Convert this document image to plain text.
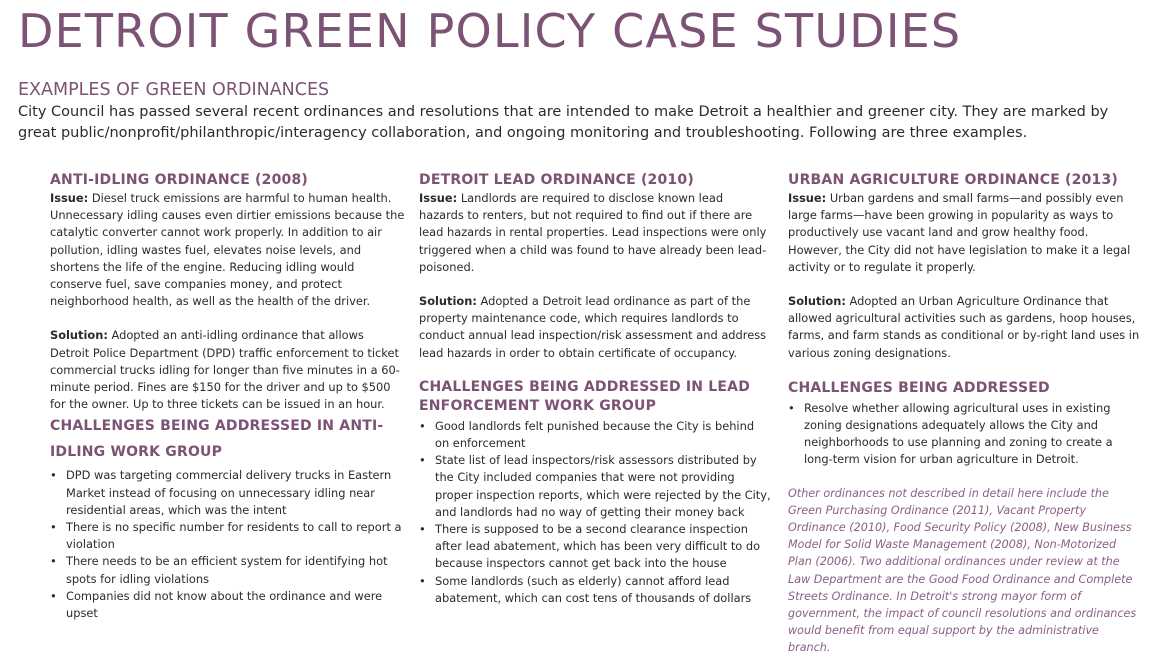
DETROIT GREEN POLICY CASE STUDIES
EXAMPLES OF GREEN ORDINANCES

City Council has passed several recent ordinances and resolutions that are intended to make Detroit a healthier and greener city. They are marked by great public/nonprofit/philanthropic/interagency collaboration, and ongoing monitoring and troubleshooting. Following are three examples.

ANTI-IDLING ORDINANCE (2008)

Issue: Diesel truck emissions are harmful to human health. Unnecessary idling causes even dirtier emissions because the catalytic converter cannot work properly. In addition to air pollution, idling wastes fuel, elevates noise levels, and shortens the life of the engine. Reducing idling would conserve fuel, save companies money, and protect neighborhood health, as well as the health of the driver.

Solution: Adopted an anti-idling ordinance that allows Detroit Police Department (DPD) traffic enforcement to ticket commercial trucks idling for longer than five minutes in a 60-minute period. Fines are $150 for the driver and up to $500 for the owner. Up to three tickets can be issued in an hour.

CHALLENGES BEING ADDRESSED IN ANTI-IDLING WORK GROUP
• DPD was targeting commercial delivery trucks in Eastern Market instead of focusing on unnecessary idling near residential areas, which was the intent
• There is no specific number for residents to call to report a violation
• There needs to be an efficient system for identifying hot spots for idling violations
• Companies did not know about the ordinance and were upset
DETROIT LEAD ORDINANCE (2010)

Issue: Landlords are required to disclose known lead hazards to renters, but not required to find out if there are lead hazards in rental properties. Lead inspections were only triggered when a child was found to have already been lead-poisoned.

Solution: Adopted a Detroit lead ordinance as part of the property maintenance code, which requires landlords to conduct annual lead inspection/risk assessment and address lead hazards in order to obtain certificate of occupancy.

CHALLENGES BEING ADDRESSED IN LEAD ENFORCEMENT WORK GROUP
• Good landlords felt punished because the City is behind on enforcement
• State list of lead inspectors/risk assessors distributed by the City included companies that were not providing proper inspection reports, which were rejected by the City, and landlords had no way of getting their money back
• There is supposed to be a second clearance inspection after lead abatement, which has been very difficult to do because inspectors cannot get back into the house
• Some landlords (such as elderly) cannot afford lead abatement, which can cost tens of thousands of dollars
URBAN AGRICULTURE ORDINANCE (2013)

Issue: Urban gardens and small farms—and possibly even large farms—have been growing in popularity as ways to productively use vacant land and grow healthy food. However, the City did not have legislation to make it a legal activity or to regulate it properly.

Solution: Adopted an Urban Agriculture Ordinance that allowed agricultural activities such as gardens, hoop houses, farms, and farm stands as conditional or by-right land uses in various zoning designations.

CHALLENGES BEING ADDRESSED
• Resolve whether allowing agricultural uses in existing zoning designations adequately allows the City and neighborhoods to use planning and zoning to create a long-term vision for urban agriculture in Detroit.

Other ordinances not described in detail here include the Green Purchasing Ordinance (2011), Vacant Property Ordinance (2010), Food Security Policy (2008), New Business Model for Solid Waste Management (2008), Non-Motorized Plan (2006). Two additional ordinances under review at the Law Department are the Good Food Ordinance and Complete Streets Ordinance. In Detroit's strong mayor form of government, the impact of council resolutions and ordinances would benefit from equal support by the administrative branch.
